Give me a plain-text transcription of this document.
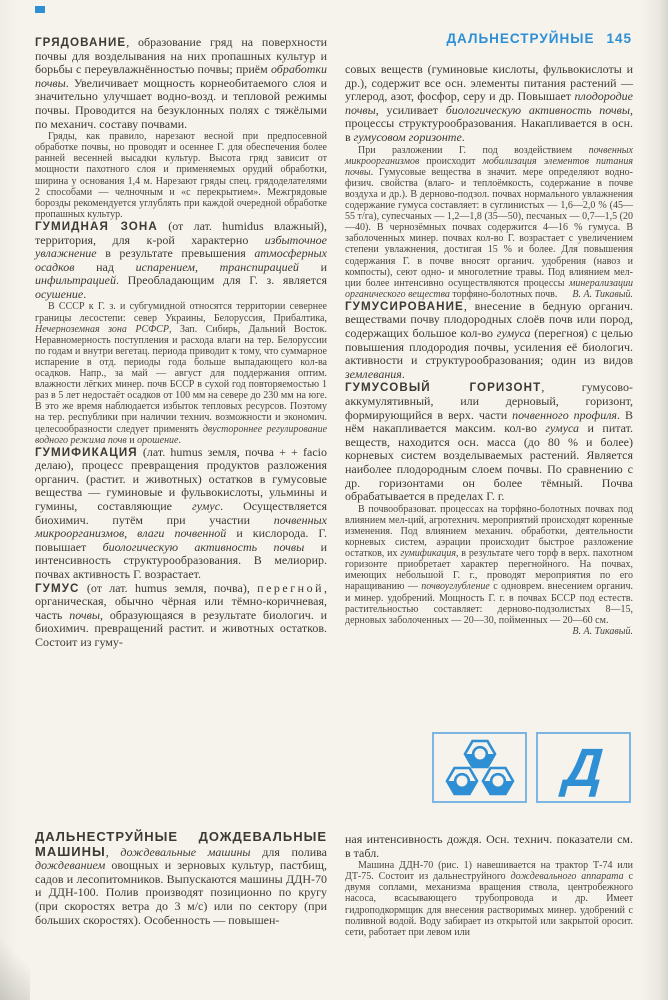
ДАЛЬНЕСТРУЙНЫЕ 145

ГРЯДОВАНИЕ, образование гряд на поверхности почвы для возделывания на них пропашных культур и борьбы с переувлажнённостью почвы; приём обработки почвы. Увеличивает мощность корнеобитаемого слоя и значительно улучшает водно-возд. и тепловой режимы почвы. Проводится на безуклонных полях с тяжёлыми по механич. составу почвами.

Гряды, как правило, нарезают весной при предпосевной обработке почвы, но проводят и осеннее Г. для обеспечения более ранней весенней высадки культур. Высота гряд зависит от мощности пахотного слоя и применяемых орудий обработки, ширина у основания 1,4 м. Нарезают гряды спец. грядоделателями 2 способами — челночным и «с перекрытием». Межгрядовые борозды рекомендуется углублять при каждой очередной обработке пропашных культур.

ГУМИДНАЯ ЗОНА (от лат. humidus влажный), территория, для к-рой характерно избыточное увлажнение в результате превышения атмосферных осадков над испарением, транспирацией и инфильтрацией. Преобладающим для Г. з. является осушение.

В СССР к Г. з. и субгумидной относятся территории севернее границы лесостепи: север Украины, Белоруссия, Прибалтика, Нечерноземная зона РСФСР, Зап. Сибирь, Дальний Восток. Неравномерность поступления и расхода влаги на тер. Белоруссии по годам и внутри вегетац. периода приводит к тому, что суммарное испарение в отд. периоды года больше выпадающего кол-ва осадков. Напр., за май — август для поддержания оптим. влажности лёгких минер. почв БССР в сухой год повторяемостью 1 раз в 5 лет недостаёт осадков от 100 мм на севере до 230 мм на юге. В это же время наблюдается избыток тепловых ресурсов. Поэтому на тер. республики при наличии технич. возможности и экономич. целесообразности следует применять двустороннее регулирование водного режима почв и орошение.

ГУМИФИКАЦИЯ (лат. humus земля, почва + + facio делаю), процесс превращения продуктов разложения органич. (растит. и животных) остатков в гумусовые вещества — гуминовые и фульвокислоты, ульмины и гумины, составляющие гумус. Осуществляется биохимич. путём при участии почвенных микроорганизмов, влаги почвенной и кислорода. Г. повышает биологическую активность почвы и интенсивность структурообразования. В мелиорир. почвах активность Г. возрастает.

ГУМУС (от лат. humus земля, почва), перегной, органическая, обычно чёрная или тёмно-коричневая, часть почвы, образующаяся в результате биологич. и биохимич. превращений растит. и животных остатков. Состоит из гуму-

совых веществ (гуминовые кислоты, фульвокислоты и др.), содержит все осн. элементы питания растений — углерод, азот, фосфор, серу и др. Повышает плодородие почвы, усиливает биологическую активность почвы, процессы структурообразования. Накапливается в осн. в гумусовом горизонте.

При разложении Г. под воздействием почвенных микроорганизмов происходит мобилизация элементов питания почвы. Гумусовые вещества в значит. мере определяют водно-физич. свойства (влаго- и теплоёмкость, содержание в почве воздуха и др.). В дерново-подзол. почвах нормального увлажнения содержание гумуса составляет: в суглинистых — 1,6—2,0 % (45—55 т/га), супесчаных — 1,2—1,8 (35—50), песчаных — 0,7—1,5 (20—40). В чернозёмных почвах содержится 4—16 % гумуса. В заболоченных минер. почвах кол-во Г. возрастает с увеличением степени увлажнения, достигая 15 % и более. Для повышения содержания Г. в почве вносят органич. удобрения (навоз и компосты), сеют одно- и многолетние травы. Под влиянием мел-ции более интенсивно осуществляются процессы минерализации органического вещества торфяно-болотных почв.	В. А. Тикавый.

ГУМУСИРОВАНИЕ, внесение в бедную органич. веществами почву плодородных слоёв почв или пород, содержащих большое кол-во гумуса (перегноя) с целью повышения плодородия почвы, усиления её биологич. активности и структурообразования; один из видов землевания.

ГУМУСОВЫЙ ГОРИЗОНТ, гумусово-аккумулятивный, или дерновый, горизонт, формирующийся в верх. части почвенного профиля. В нём накапливается максим. кол-во гумуса и питат. веществ, находится осн. масса (до 80 % и более) корневых систем возделываемых растений. Является наиболее плодородным слоем почвы. По сравнению с др. горизонтами он более тёмный. Почва обрабатывается в пределах Г. г.

В почвообразоват. процессах на торфяно-болотных почвах под влиянием мел-ций, агротехнич. мероприятий происходят коренные изменения. Под влиянием механич. обработки, деятельности корневых систем, аэрации происходит быстрое разложение остатков, их гумификация, в результате чего торф в верх. пахотном горизонте приобретает характер перегнойного. На почвах, имеющих небольшой Г. г., проводят мероприятия по его наращиванию — почвоуглубление с одноврем. внесением органич. и минер. удобрений. Мощность Г. г. в почвах БССР под естеств. растительностью составляет: дерново-подзолистых 8—15, дерновых заболоченных — 20—30, пойменных — 20—60 см.
В. А. Тикавый.

Д

ДАЛЬНЕСТРУЙНЫЕ ДОЖДЕВАЛЬНЫЕ МАШИНЫ, дождевальные машины для полива дождеванием овощных и зерновых культур, пастбищ, садов и лесопитомников. Выпускаются машины ДДН-70 и ДДН-100. Полив производят позиционно по кругу (при скоростях ветра до 3 м/с) или по сектору (при больших скоростях). Особенность — повышен-

ная интенсивность дождя. Осн. технич. показатели см. в табл.

Машина ДДН-70 (рис. 1) навешивается на трактор Т-74 или ДТ-75. Состоит из дальнеструйного дождевального аппарата с двумя соплами, механизма вращения ствола, центробежного насоса, всасывающего трубопровода и др. Имеет гидроподкормщик для внесения растворимых минер. удобрений с поливной водой. Воду забирает из открытой или закрытой оросит. сети, работает при левом или
